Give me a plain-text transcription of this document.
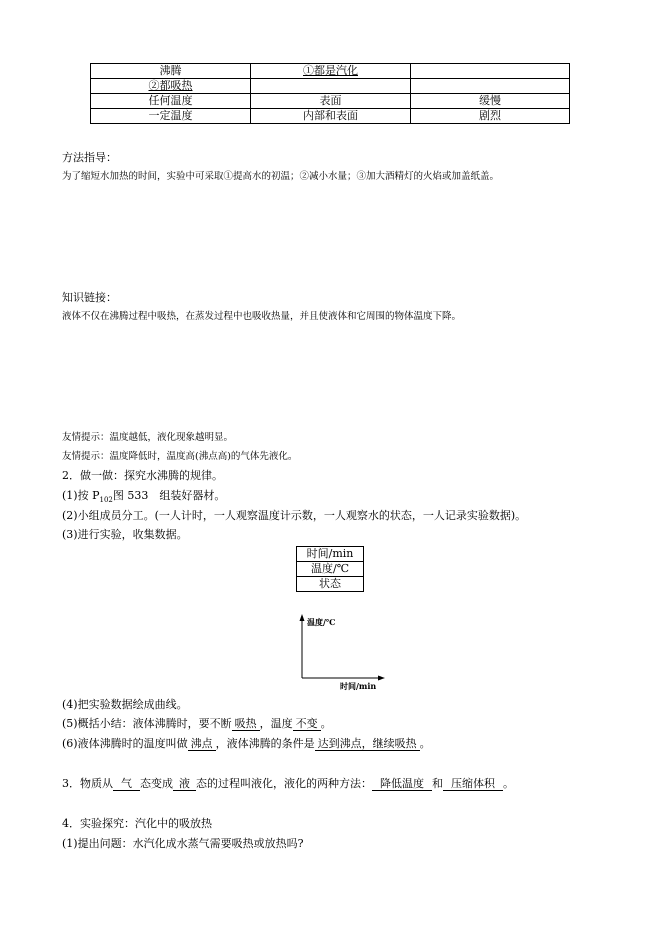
沸腾	①都是汽化	
②都吸热		
任何温度	表面	缓慢
一定温度	内部和表面	剧烈
方法指导：
为了缩短水加热的时间，实验中可采取①提高水的初温；②减小水量；③加大酒精灯的火焰或加盖纸盖。
知识链接：
液体不仅在沸腾过程中吸热，在蒸发过程中也吸收热量，并且使液体和它周围的物体温度下降。
友情提示：温度越低，液化现象越明显。
友情提示：温度降低时，温度高(沸点高)的气体先液化。
2．做一做：探究水沸腾的规律。
(1)按 $P_{102}$图 533　组装好器材。
(2)小组成员分工。(一人计时，一人观察温度计示数，一人观察水的状态，一人记录实验数据)。
(3)进行实验，收集数据。
时间/min
温度/℃
状态
温度/℃
时间/min
(4)把实验数据绘成曲线。
(5)概括小结：液体沸腾时，要不断 吸热 ，温度 不变 。
(6)液体沸腾时的温度叫做 沸点 ，液体沸腾的条件是 达到沸点，继续吸热 。
3．物质从 气 态变成 液 态的过程叫液化，液化的两种方法： 降低温度 和 压缩体积 。
4．实验探究：汽化中的吸放热
(1)提出问题：水汽化成水蒸气需要吸热或放热吗?
